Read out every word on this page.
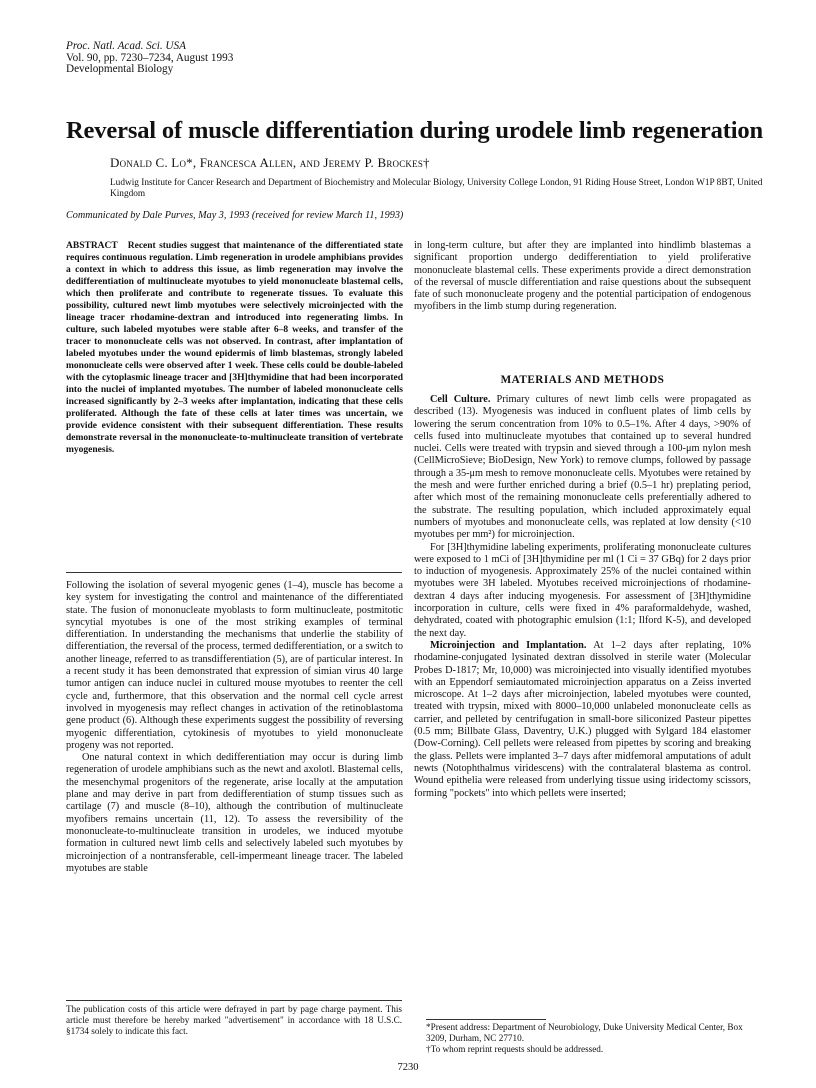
Proc. Natl. Acad. Sci. USA
Vol. 90, pp. 7230–7234, August 1993
Developmental Biology
Reversal of muscle differentiation during urodele limb regeneration
Donald C. Lo*, Francesca Allen, and Jeremy P. Brockes†
Ludwig Institute for Cancer Research and Department of Biochemistry and Molecular Biology, University College London, 91 Riding House Street, London W1P 8BT, United Kingdom
Communicated by Dale Purves, May 3, 1993 (received for review March 11, 1993)

ABSTRACT Recent studies suggest that maintenance of the differentiated state requires continuous regulation. Limb regeneration in urodele amphibians provides a context in which to address this issue, as limb regeneration may involve the dedifferentiation of multinucleate myotubes to yield mononucleate blastemal cells, which then proliferate and contribute to regenerate tissues. To evaluate this possibility, cultured newt limb myotubes were selectively microinjected with the lineage tracer rhodamine-dextran and introduced into regenerating limbs. In culture, such labeled myotubes were stable after 6–8 weeks, and transfer of the tracer to mononucleate cells was not observed. In contrast, after implantation of labeled myotubes under the wound epidermis of limb blastemas, strongly labeled mononucleate cells were observed after 1 week. These cells could be double-labeled with the cytoplasmic lineage tracer and [3H]thymidine that had been incorporated into the nuclei of implanted myotubes. The number of labeled mononucleate cells increased significantly by 2–3 weeks after implantation, indicating that these cells proliferated. Although the fate of these cells at later times was uncertain, we provide evidence consistent with their subsequent differentiation. These results demonstrate reversal in the mononucleate-to-multinucleate transition of vertebrate myogenesis.

Following the isolation of several myogenic genes (1–4), muscle has become a key system for investigating the control and maintenance of the differentiated state. The fusion of mononucleate myoblasts to form multinucleate, postmitotic syncytial myotubes is one of the most striking examples of terminal differentiation. In understanding the mechanisms that underlie the stability of differentiation, the reversal of the process, termed dedifferentiation, or a switch to another lineage, referred to as transdifferentiation (5), are of particular interest. In a recent study it has been demonstrated that expression of simian virus 40 large tumor antigen can induce nuclei in cultured mouse myotubes to reenter the cell cycle and, furthermore, that this observation and the normal cell cycle arrest involved in myogenesis may reflect changes in activation of the retinoblastoma gene product (6). Although these experiments suggest the possibility of reversing myogenic differentiation, cytokinesis of myotubes to yield mononucleate progeny was not reported.

One natural context in which dedifferentiation may occur is during limb regeneration of urodele amphibians such as the newt and axolotl. Blastemal cells, the mesenchymal progenitors of the regenerate, arise locally at the amputation plane and may derive in part from dedifferentiation of stump tissues such as cartilage (7) and muscle (8–10), although the contribution of multinucleate myofibers remains uncertain (11, 12). To assess the reversibility of the mononucleate-to-multinucleate transition in urodeles, we induced myotube formation in cultured newt limb cells and selectively labeled such myotubes by microinjection of a nontransferable, cell-impermeant lineage tracer. The labeled myotubes are stable

in long-term culture, but after they are implanted into hindlimb blastemas a significant proportion undergo dedifferentiation to yield proliferative mononucleate blastemal cells. These experiments provide a direct demonstration of the reversal of muscle differentiation and raise questions about the subsequent fate of such mononucleate progeny and the potential participation of endogenous myofibers in the limb stump during regeneration.

MATERIALS AND METHODS

Cell Culture. Primary cultures of newt limb cells were propagated as described (13). Myogenesis was induced in confluent plates of limb cells by lowering the serum concentration from 10% to 0.5–1%. After 4 days, >90% of cells fused into multinucleate myotubes that contained up to several hundred nuclei. Cells were treated with trypsin and sieved through a 100-μm nylon mesh (CellMicroSieve; BioDesign, New York) to remove clumps, followed by passage through a 35-μm mesh to remove mononucleate cells. Myotubes were retained by the mesh and were further enriched during a brief (0.5–1 hr) preplating period, after which most of the remaining mononucleate cells preferentially adhered to the substrate. The resulting population, which included approximately equal numbers of myotubes and mononucleate cells, was replated at low density (<10 myotubes per mm²) for microinjection.

For [3H]thymidine labeling experiments, proliferating mononucleate cultures were exposed to 1 mCi of [3H]thymidine per ml (1 Ci = 37 GBq) for 2 days prior to induction of myogenesis. Approximately 25% of the nuclei contained within myotubes were 3H labeled. Myotubes received microinjections of rhodamine-dextran 4 days after inducing myogenesis. For assessment of [3H]thymidine incorporation in culture, cells were fixed in 4% paraformaldehyde, washed, dehydrated, coated with photographic emulsion (1:1; Ilford K-5), and developed the next day.

Microinjection and Implantation. At 1–2 days after replating, 10% rhodamine-conjugated lysinated dextran dissolved in sterile water (Molecular Probes D-1817; Mr, 10,000) was microinjected into visually identified myotubes with an Eppendorf semiautomated microinjection apparatus on a Zeiss inverted microscope. At 1–2 days after microinjection, labeled myotubes were counted, treated with trypsin, mixed with 8000–10,000 unlabeled mononucleate cells as carrier, and pelleted by centrifugation in small-bore siliconized Pasteur pipettes (0.5 mm; Billbate Glass, Daventry, U.K.) plugged with Sylgard 184 elastomer (Dow-Corning). Cell pellets were released from pipettes by scoring and breaking the glass. Pellets were implanted 3–7 days after midfemoral amputations of adult newts (Notophthalmus viridescens) with the contralateral blastema as control. Wound epithelia were released from underlying tissue using iridectomy scissors, forming "pockets" into which pellets were inserted;

The publication costs of this article were defrayed in part by page charge payment. This article must therefore be hereby marked "advertisement" in accordance with 18 U.S.C. §1734 solely to indicate this fact.	*Present address: Department of Neurobiology, Duke University Medical Center, Box 3209, Durham, NC 27710.
†To whom reprint requests should be addressed.
7230
